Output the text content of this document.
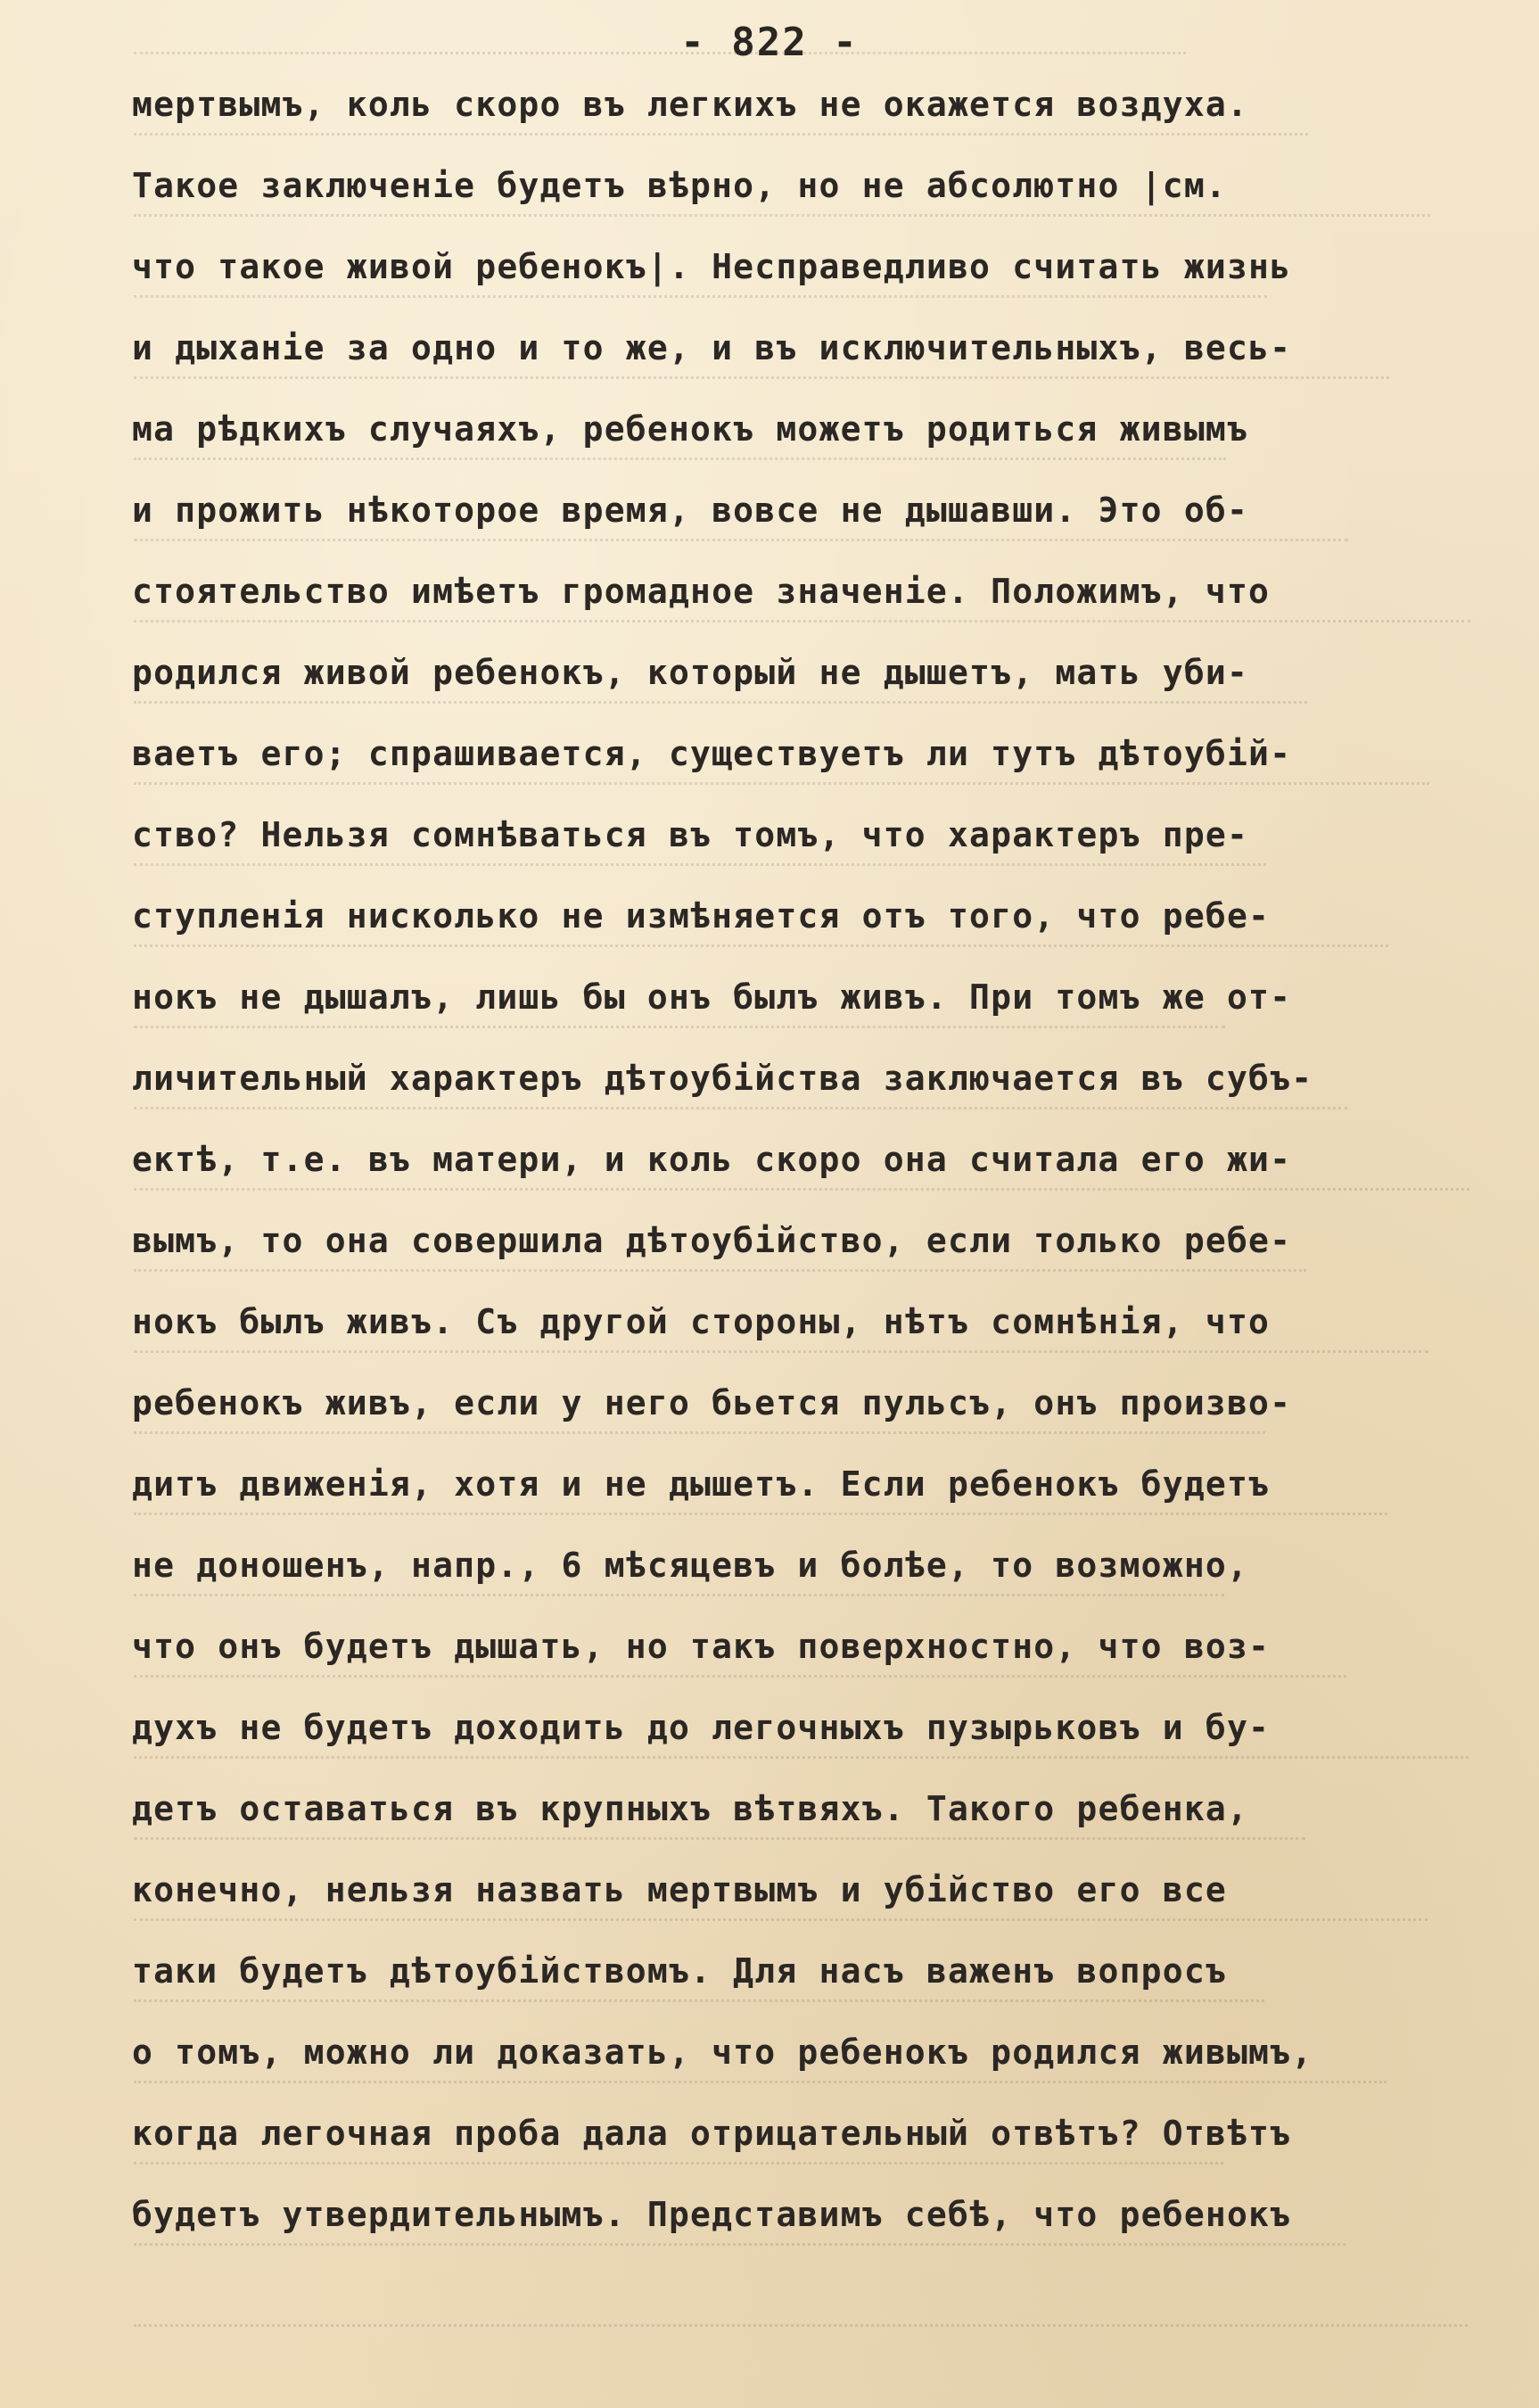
- 822 -
мертвымъ, коль скоро въ легкихъ не окажется воздуха.
Такое заключеніе будетъ вѣрно, но не абсолютно |см.
что такое живой ребенокъ|. Несправедливо считать жизнь
и дыханіе за одно и то же, и въ исключительныхъ, весь-
ма рѣдкихъ случаяхъ, ребенокъ можетъ родиться живымъ
и прожить нѣкоторое время, вовсе не дышавши. Это об-
стоятельство имѣетъ громадное значеніе. Положимъ, что
родился живой ребенокъ, который не дышетъ, мать уби-
ваетъ его; спрашивается, существуетъ ли тутъ дѣтоубій-
ство? Нельзя сомнѣваться въ томъ, что характеръ пре-
ступленія нисколько не измѣняется отъ того, что ребе-
нокъ не дышалъ, лишь бы онъ былъ живъ. При томъ же от-
личительный характеръ дѣтоубійства заключается въ субъ-
ектѣ, т.е. въ матери, и коль скоро она считала его жи-
вымъ, то она совершила дѣтоубійство, если только ребе-
нокъ былъ живъ. Съ другой стороны, нѣтъ сомнѣнія, что
ребенокъ живъ, если у него бьется пульсъ, онъ произво-
дитъ движенія, хотя и не дышетъ. Если ребенокъ будетъ
не доношенъ, напр., 6 мѣсяцевъ и болѣе, то возможно,
что онъ будетъ дышать, но такъ поверхностно, что воз-
духъ не будетъ доходить до легочныхъ пузырьковъ и бу-
детъ оставаться въ крупныхъ вѣтвяхъ. Такого ребенка,
конечно, нельзя назвать мертвымъ и убійство его все
таки будетъ дѣтоубійствомъ. Для насъ важенъ вопросъ
о томъ, можно ли доказать, что ребенокъ родился живымъ,
когда легочная проба дала отрицательный отвѣтъ? Отвѣтъ
будетъ утвердительнымъ. Представимъ себѣ, что ребенокъ
